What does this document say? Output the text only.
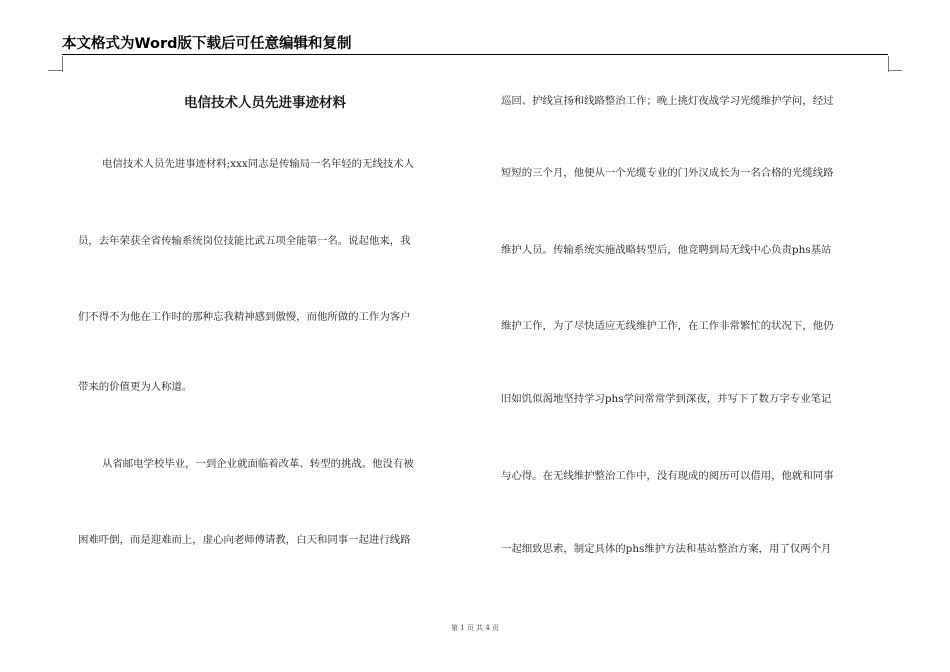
本文格式为Word版下载后可任意编辑和复制
电信技术人员先进事迹材料
电信技术人员先进事迹材料;xxx同志是传输局一名年轻的无线技术人
员，去年荣获全省传输系统岗位技能比武五项全能第一名。说起他来，我
们不得不为他在工作时的那种忘我精神感到傲慢，而他所做的工作为客户
带来的价值更为人称道。
从省邮电学校毕业，一到企业就面临着改革、转型的挑战。他没有被
困难吓倒，而是迎难而上，虚心向老师傅请教，白天和同事一起进行线路
巡回、护线宣扬和线路整治工作；晚上挑灯夜战学习光缆维护学问，经过
短短的三个月，他便从一个光缆专业的门外汉成长为一名合格的光缆线路
维护人员。传输系统实施战略转型后，他竞聘到局无线中心负责phs基站
维护工作，为了尽快适应无线维护工作，在工作非常繁忙的状况下，他仍
旧如饥似渴地坚持学习phs学问常常学到深夜，并写下了数万字专业笔记
与心得。在无线维护整治工作中，没有现成的阅历可以借用，他就和同事
一起细致思索，制定具体的phs维护方法和基站整治方案，用了仅两个月
第 1 页 共 4 页
